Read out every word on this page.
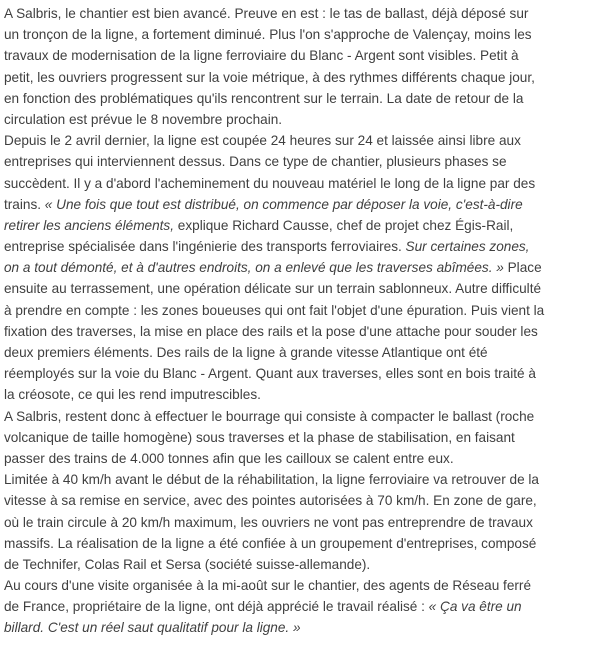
A Salbris, le chantier est bien avancé. Preuve en est : le tas de ballast, déjà déposé sur
un tronçon de la ligne, a fortement diminué. Plus l'on s'approche de Valençay, moins les
travaux de modernisation de la ligne ferroviaire du Blanc - Argent sont visibles. Petit à
petit, les ouvriers progressent sur la voie métrique, à des rythmes différents chaque jour,
en fonction des problématiques qu'ils rencontrent sur le terrain. La date de retour de la
circulation est prévue le 8 novembre prochain.
Depuis le 2 avril dernier, la ligne est coupée 24 heures sur 24 et laissée ainsi libre aux
entreprises qui interviennent dessus. Dans ce type de chantier, plusieurs phases se
succèdent. Il y a d'abord l'acheminement du nouveau matériel le long de la ligne par des
trains. « Une fois que tout est distribué, on commence par déposer la voie, c'est-à-dire
retirer les anciens éléments, explique Richard Causse, chef de projet chez Égis-Rail,
entreprise spécialisée dans l'ingénierie des transports ferroviaires. Sur certaines zones,
on a tout démonté, et à d'autres endroits, on a enlevé que les traverses abîmées. » Place
ensuite au terrassement, une opération délicate sur un terrain sablonneux. Autre difficulté
à prendre en compte : les zones boueuses qui ont fait l'objet d'une épuration. Puis vient la
fixation des traverses, la mise en place des rails et la pose d'une attache pour souder les
deux premiers éléments. Des rails de la ligne à grande vitesse Atlantique ont été
réemployés sur la voie du Blanc - Argent. Quant aux traverses, elles sont en bois traité à
la créosote, ce qui les rend imputrescibles.
A Salbris, restent donc à effectuer le bourrage qui consiste à compacter le ballast (roche
volcanique de taille homogène) sous traverses et la phase de stabilisation, en faisant
passer des trains de 4.000 tonnes afin que les cailloux se calent entre eux.
Limitée à 40 km/h avant le début de la réhabilitation, la ligne ferroviaire va retrouver de la
vitesse à sa remise en service, avec des pointes autorisées à 70 km/h. En zone de gare,
où le train circule à 20 km/h maximum, les ouvriers ne vont pas entreprendre de travaux
massifs. La réalisation de la ligne a été confiée à un groupement d'entreprises, composé
de Technifer, Colas Rail et Sersa (société suisse-allemande).
Au cours d'une visite organisée à la mi-août sur le chantier, des agents de Réseau ferré
de France, propriétaire de la ligne, ont déjà apprécié le travail réalisé : « Ça va être un
billard. C'est un réel saut qualitatif pour la ligne. »
